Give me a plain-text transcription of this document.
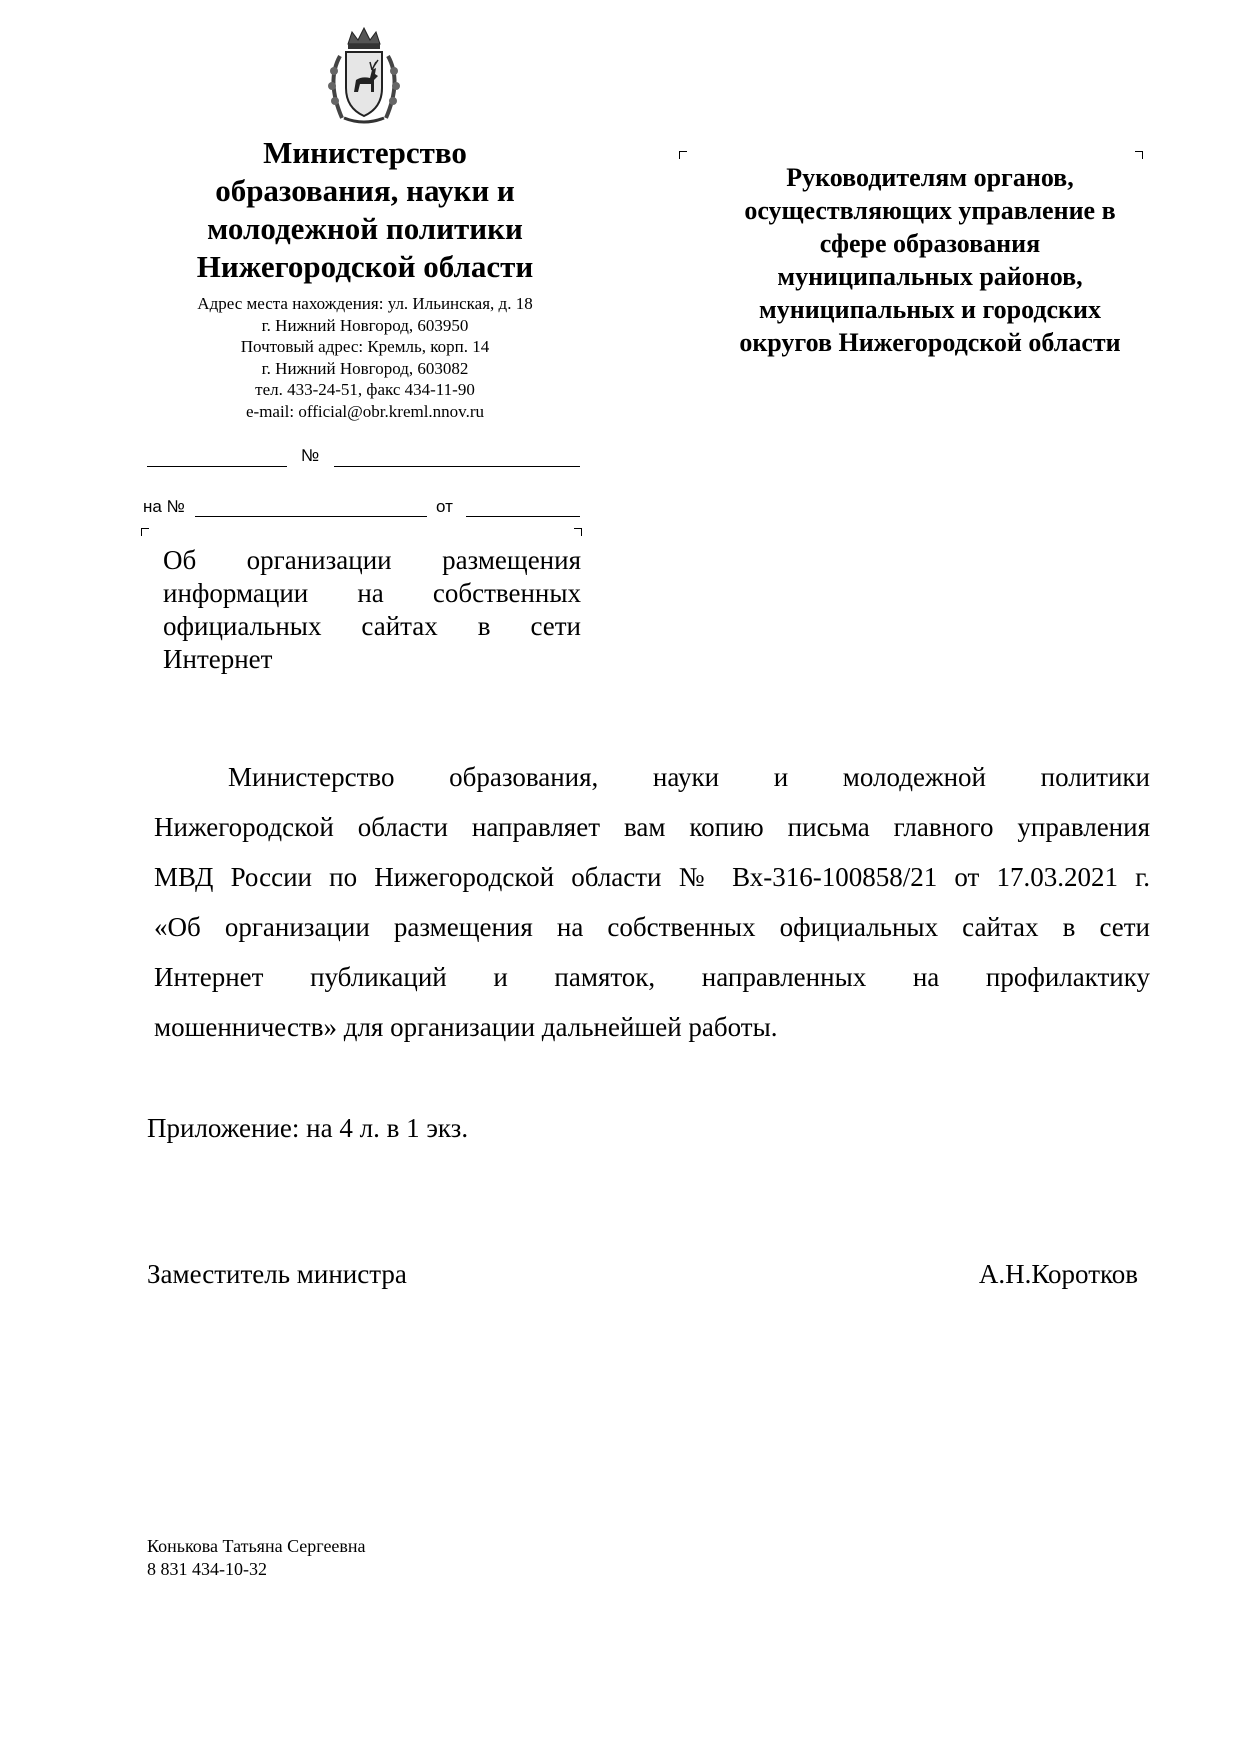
Министерство
образования, науки и
молодежной политики
Нижегородской области
Адрес места нахождения: ул. Ильинская, д. 18
г. Нижний Новгород, 603950
Почтовый адрес: Кремль, корп. 14
г. Нижний Новгород, 603082
тел. 433-24-51, факс 434-11-90
e-mail: official@obr.kreml.nnov.ru
№
на №	от
Об организации размещения
информации на собственных
официальных сайтах в сети
Интернет
Руководителям органов,
осуществляющих управление в
сфере образования
муниципальных районов,
муниципальных и городских
округов Нижегородской области
Министерство образования, науки и молодежной политики
Нижегородской области направляет вам копию письма главного управления
МВД России по Нижегородской области № Вх-316-100858/21 от 17.03.2021 г.
«Об организации размещения на собственных официальных сайтах в сети
Интернет публикаций и памяток, направленных на профилактику
мошенничеств» для организации дальнейшей работы.
Приложение: на 4 л. в 1 экз.
Заместитель министра	А.Н.Коротков
Конькова Татьяна Сергеевна
8 831 434-10-32
